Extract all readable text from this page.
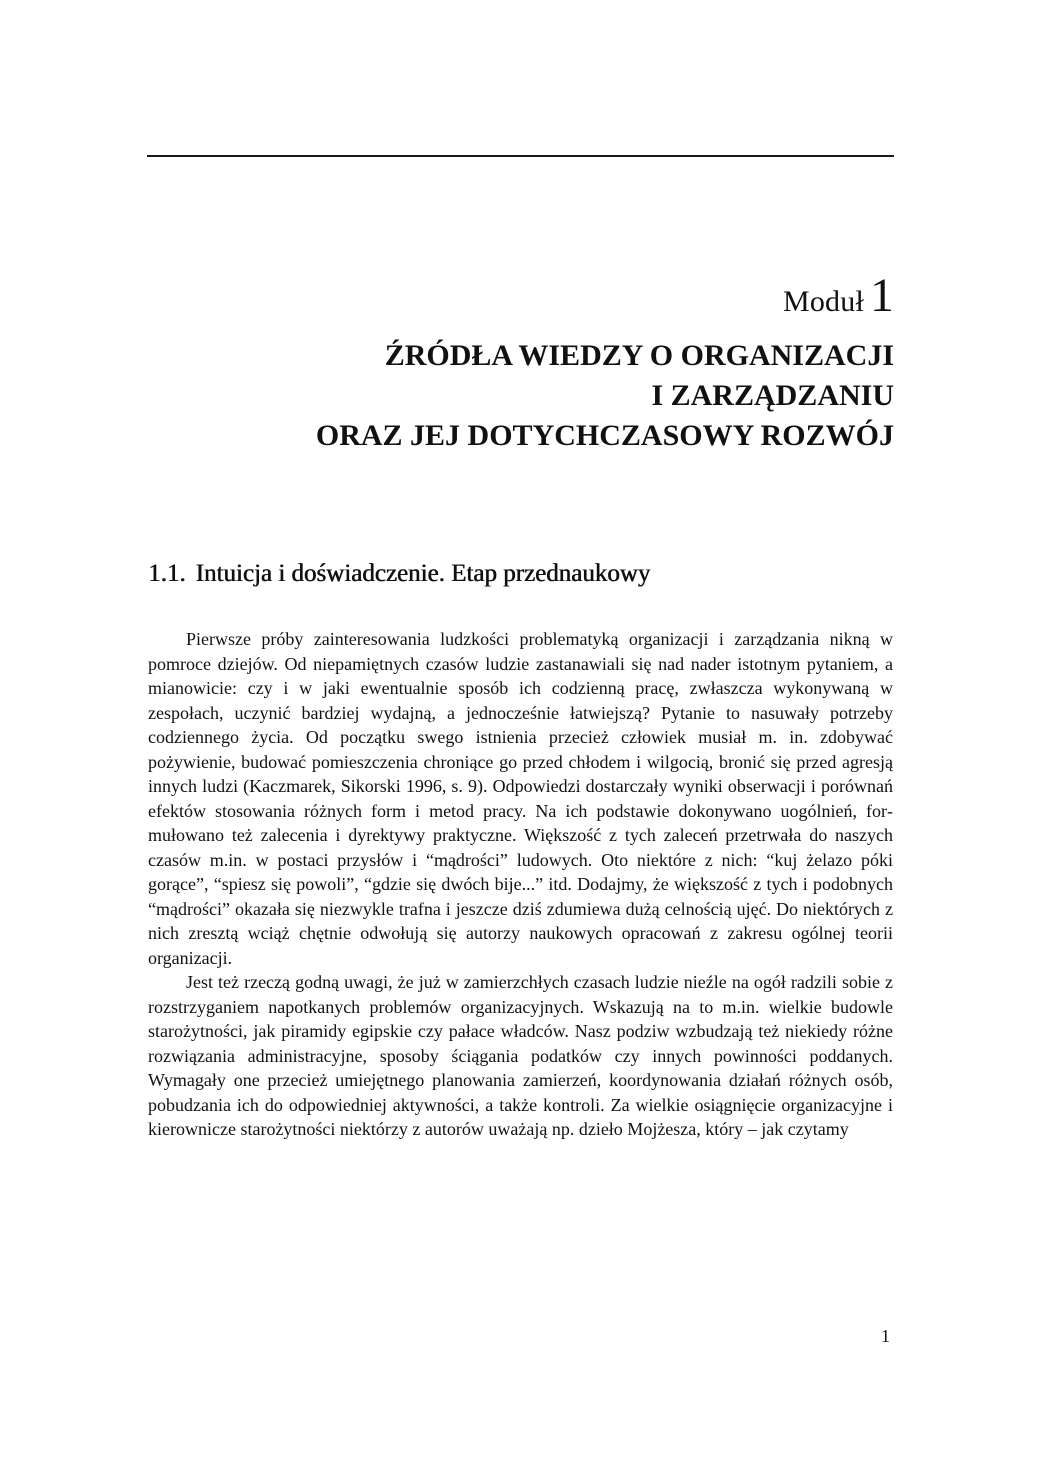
Moduł 1
ŹRÓDŁA WIEDZY O ORGANIZACJI
I ZARZĄDZANIU
ORAZ JEJ DOTYCHCZASOWY ROZWÓJ
1.1. Intuicja i doświadczenie. Etap przednaukowy

Pierwsze próby zainteresowania ludzkości problematyką organizacji i zarządzania nikną w pomroce dziejów. Od niepamiętnych czasów ludzie zastanawiali się nad nader istotnym pytaniem, a mianowicie: czy i w jaki ewentualnie sposób ich codzienną pracę, zwłaszcza wykonywaną w zespołach, uczynić bardziej wydajną, a jednocześnie łatwiejszą? Pytanie to nasuwały potrzeby codziennego życia. Od początku swego istnienia przecież człowiek musiał m. in. zdobywać pożywienie, budować pomieszczenia chroniące go przed chłodem i wilgocią, bronić się przed agresją innych ludzi (Kaczmarek, Sikorski 1996, s. 9). Odpowiedzi dostarczały wyniki obserwacji i porównań efektów stosowania różnych form i metod pracy. Na ich podstawie dokonywano uogólnień, formułowano też zalecenia i dyrektywy praktyczne. Większość z tych zaleceń przetrwała do naszych czasów m.in. w postaci przysłów i “mądrości” ludowych. Oto niektóre z nich: “kuj żelazo póki gorące”, “spiesz się powoli”, “gdzie się dwóch bije...” itd. Dodajmy, że większość z tych i podobnych “mądrości” okazała się niezwykle trafna i jeszcze dziś zdumiewa dużą celnością ujęć. Do niektórych z nich zresztą wciąż chętnie odwołują się autorzy naukowych opracowań z zakresu ogólnej teorii organizacji.

Jest też rzeczą godną uwagi, że już w zamierzchłych czasach ludzie nieźle na ogół radzili sobie z rozstrzyganiem napotkanych problemów organizacyjnych. Wskazują na to m.in. wielkie budowle starożytności, jak piramidy egipskie czy pałace władców. Nasz podziw wzbudzają też niekiedy różne rozwiązania administracyjne, sposoby ściągania podatków czy innych powinności poddanych. Wymagały one przecież umiejętnego planowania zamierzeń, koordynowania działań różnych osób, pobudzania ich do odpowiedniej aktywności, a także kontroli. Za wielkie osiągnięcie organizacyjne i kierownicze starożytności niektórzy z autorów uważają np. dzieło Mojżesza, który – jak czytamy

1
